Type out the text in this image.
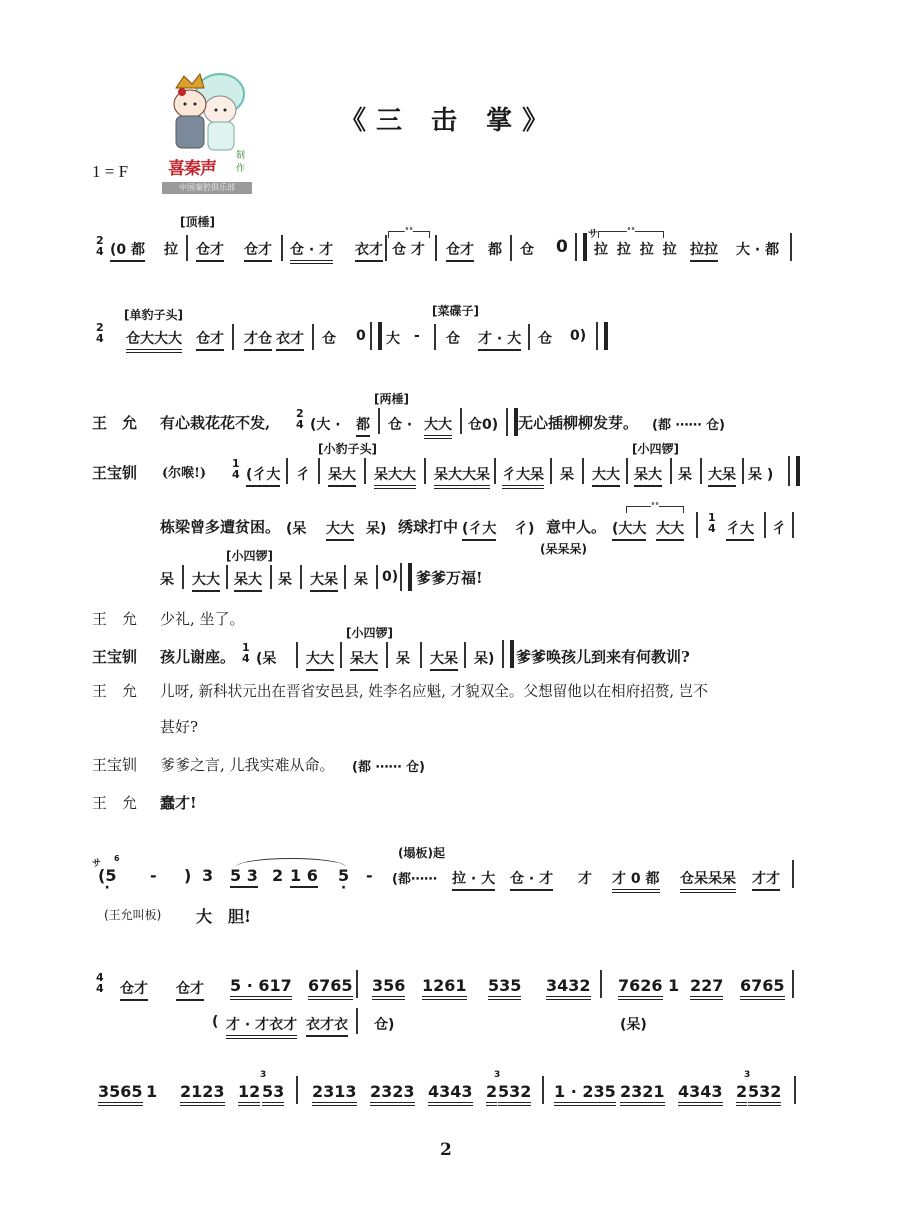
《三 击 掌》
1 = F 喜秦声
制作
中国秦腔俱乐部
2
4
[顶棰]
(0 都 拉 仓才 仓才 仓 · 才 衣才
∘∘
仓 才 仓才 都 仓 0
サ
∘∘
拉 拉 拉 拉 拉拉 大 · 都
2
4
[单豹子头]	[菜碟子]
仓大大大 仓才 才仓 衣才 仓 0 大 - 仓 才 · 大 仓 0)
王　允 有心栽花花不发,
[两棰]
2
4 (大 · 都 仓 · 大大 仓0) 无心插柳柳发芽。 (都 ⋯⋯ 仓)
王宝钏 (尔喉!)
[小豹子头]	[小四锣]
1
4 (彳大 彳 呆大 呆大大 呆大大呆 彳大呆 呆 大大 呆大 呆 大呆 呆 )
栋梁曾多遭贫困。 (呆 大大 呆) 绣球打中 (彳大 彳) 意中人。
∘∘
(大大 大大
1
4 彳大 彳
(呆呆呆)
[小四锣]
呆 大大 呆大 呆 大呆 呆 0) 爹爹万福!
王　允 少礼, 坐了。
王宝钏 孩儿谢座。
[小四锣]
1
4 (呆 大大 呆大 呆 大呆 呆) 爹爹唤孩儿到来有何教训?
王　允 儿呀, 新科状元出在晋省安邑县, 姓李名应魁, 才貌双全。父想留他以在相府招赘, 岂不
甚好?
王宝钏 爹爹之言, 儿我实难从命。 (都 ⋯⋯ 仓)
王　允 蠢才!
サ
6
(5 · - ) 3 5 3 2 1 6 5 · -
(塌板)起
(都⋯⋯ 拉 · 大 仓 · 才 才 才 0 都 仓呆呆呆 才才
(王允叫板) 大　胆!
4
4 仓才 仓才 5 · 617 6765 356 1261 535 3432 7626 1 227 6765
( 才 · 才衣才 衣才衣 仓)	(呆)
3565 1 2123 12
3
53 2313 2323 4343 2
3
532 1 · 235 2321 4343 2
3
532
2
